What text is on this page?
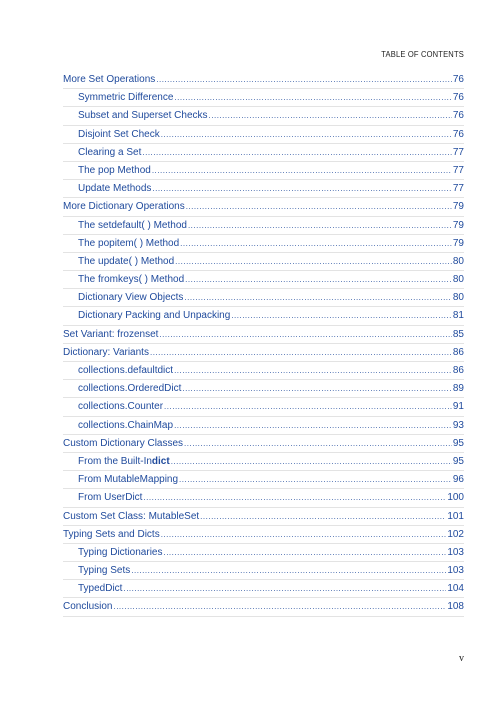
TABLE OF CONTENTS
More Set Operations .....	76
Symmetric Difference .....	76
Subset and Superset Checks .....	76
Disjoint Set Check .....	76
Clearing a Set .....	77
The pop Method .....	77
Update Methods .....	77
More Dictionary Operations .....	79
The setdefault( ) Method .....	79
The popitem( ) Method .....	79
The update( ) Method .....	80
The fromkeys( ) Method .....	80
Dictionary View Objects .....	80
Dictionary Packing and Unpacking .....	81
Set Variant: frozenset .....	85
Dictionary: Variants .....	86
collections.defaultdict .....	86
collections.OrderedDict .....	89
collections.Counter .....	91
collections.ChainMap .....	93
Custom Dictionary Classes .....	95
From the Built-In dict .....	95
From MutableMapping .....	96
From UserDict .....	100
Custom Set Class: MutableSet .....	101
Typing Sets and Dicts .....	102
Typing Dictionaries .....	103
Typing Sets .....	103
TypedDict .....	104
Conclusion .....	108
v
